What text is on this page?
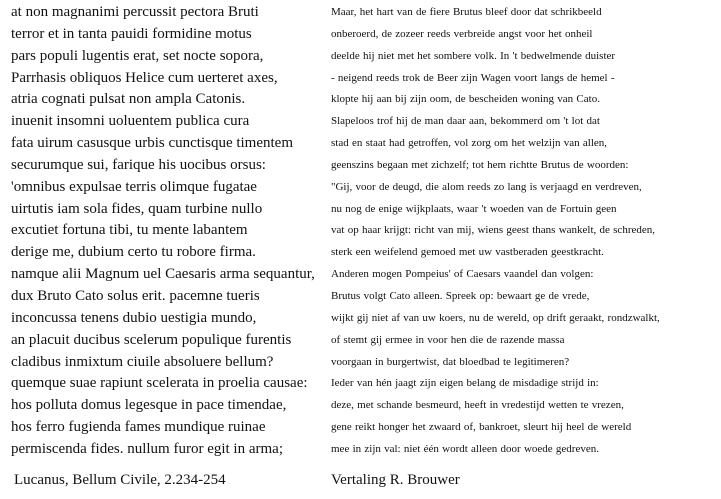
at non magnanimi percussit pectora Bruti
terror et in tanta pauidi formidine motus
pars populi lugentis erat, set nocte sopora,
Parrhasis obliquos Helice cum uerteret axes,
atria cognati pulsat non ampla Catonis.
inuenit insomni uoluentem publica cura
fata uirum casusque urbis cunctisque timentem
securumque sui, farique his uocibus orsus:
'omnibus expulsae terris olimque fugatae
uirtutis iam sola fides, quam turbine nullo
excutiet fortuna tibi, tu mente labantem
derige me, dubium certo tu robore firma.
namque alii Magnum uel Caesaris arma sequantur,
dux Bruto Cato solus erit. pacemne tueris
inconcussa tenens dubio uestigia mundo,
an placuit ducibus scelerum populique furentis
cladibus inmixtum ciuile absoluere bellum?
quemque suae rapiunt scelerata in proelia causae:
hos polluta domus legesque in pace timendae,
hos ferro fugienda fames mundique ruinae
permiscenda fides. nullum furor egit in arma;
Maar, het hart van de fiere Brutus bleef door dat schrikbeeld
onberoerd, de zozeer reeds verbreide angst voor het onheil
deelde hij niet met het sombere volk. In 't bedwelmende duister
- neigend reeds trok de Beer zijn Wagen voort langs de hemel -
klopte hij aan bij zijn oom, de bescheiden woning van Cato.
Slapeloos trof hij de man daar aan, bekommerd om 't lot dat
stad en staat had getroffen, vol zorg om het welzijn van allen,
geenszins begaan met zichzelf; tot hem richtte Brutus de woorden:
"Gij, voor de deugd, die alom reeds zo lang is verjaagd en verdreven,
nu nog de enige wijkplaats, waar 't woeden van de Fortuin geen
vat op haar krijgt: richt van mij, wiens geest thans wankelt, de schreden,
sterk een weifelend gemoed met uw vastberaden geestkracht.
Anderen mogen Pompeius' of Caesars vaandel dan volgen:
Brutus volgt Cato alleen. Spreek op: bewaart ge de vrede,
wijkt gij niet af van uw koers, nu de wereld, op drift geraakt, rondzwalkt,
of stemt gij ermee in voor hen die de razende massa
voorgaan in burgertwist, dat bloedbad te legitimeren?
Ieder van hén jaagt zijn eigen belang de misdadige strijd in:
deze, met schande besmeurd, heeft in vredestijd wetten te vrezen,
gene reikt honger het zwaard of, bankroet, sleurt hij heel de wereld
mee in zijn val: niet één wordt alleen door woede gedreven.
Lucanus, Bellum Civile, 2.234-254	Vertaling R. Brouwer
